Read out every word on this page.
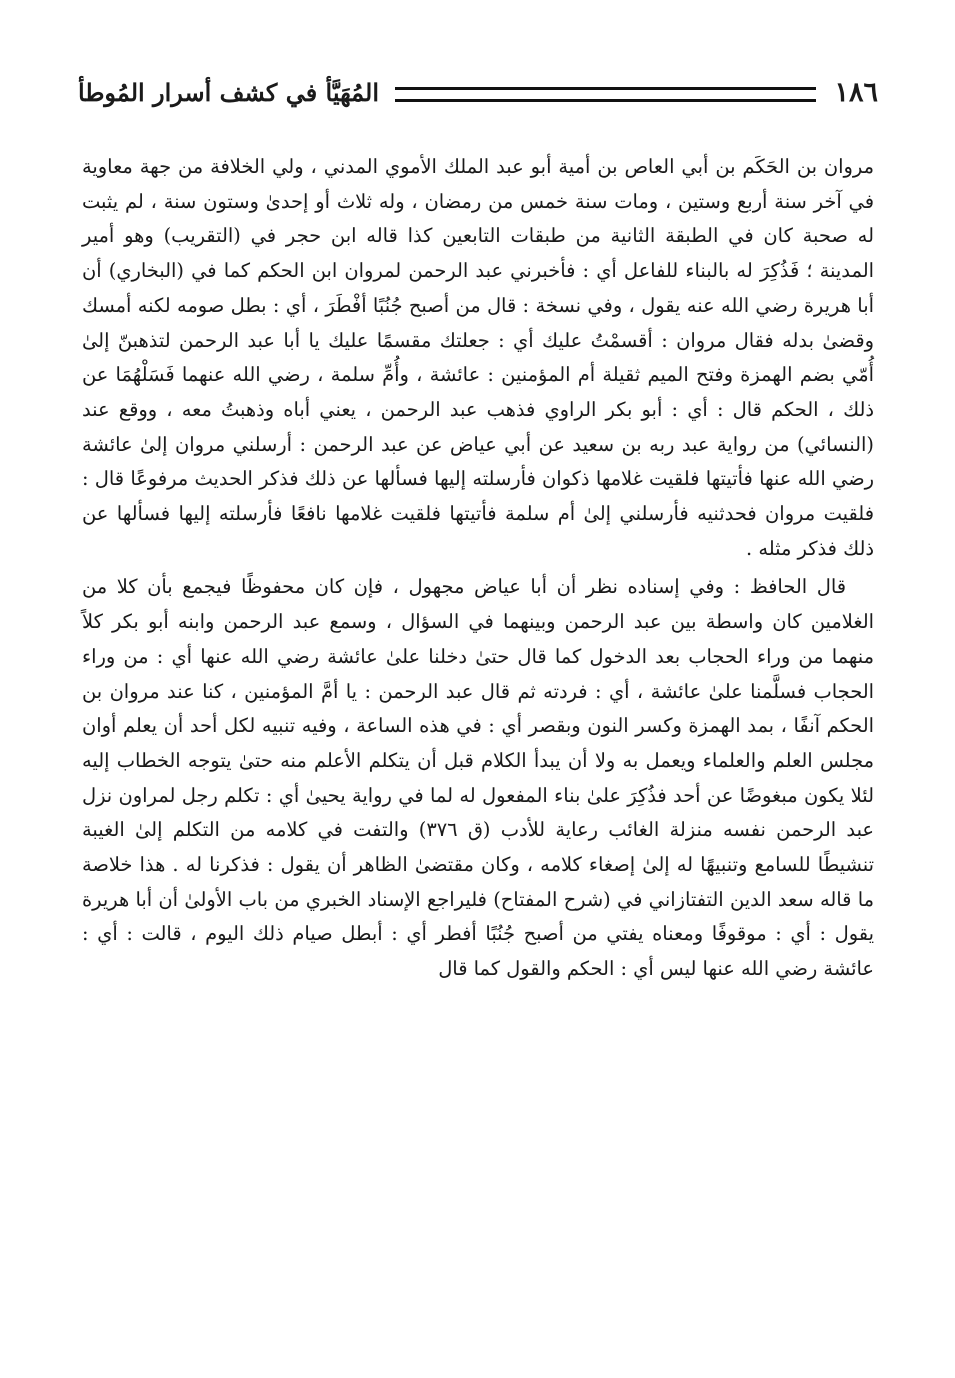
١٨٦
المُهَيَّأ في كشف أسرار المُوطأ

مروان بن الحَكَم بن أبي العاص بن أمية أبو عبد الملك الأموي المدني ، ولي الخلافة من جهة معاوية في آخر سنة أربع وستين ، ومات سنة خمس من رمضان ، وله ثلاث أو إحدىٰ وستون سنة ، لم يثبت له صحبة كان في الطبقة الثانية من طبقات التابعين كذا قاله ابن حجر في (التقريب) وهو أمير المدينة ؛ فَذُكِرَ له بالبناء للفاعل أي : فأخبرني عبد الرحمن لمروان ابن الحكم كما في (البخاري) أن أبا هريرة رضي الله عنه يقول ، وفي نسخة : قال من أصبح جُنُبًا أفْطَرَ ، أي : بطل صومه لكنه أمسك وقضىٰ بدله فقال مروان : أقسمْتُ عليك أي : جعلتك مقسمًا عليك يا أبا عبد الرحمن لتذهبنّ إلىٰ أُمّي بضم الهمزة وفتح الميم ثقيلة أم المؤمنين : عائشة ، وأُمِّ سلمة ، رضي الله عنهما فَسَلْهُمَا عن ذلك ، الحكم قال : أي : أبو بكر الراوي فذهب عبد الرحمن ، يعني أباه وذهبتُ معه ، ووقع عند (النسائي) من رواية عبد ربه بن سعيد عن أبي عياض عن عبد الرحمن : أرسلني مروان إلىٰ عائشة رضي الله عنها فأتيتها فلقيت غلامها ذكوان فأرسلته إليها فسألها عن ذلك فذكر الحديث مرفوعًا قال : فلقيت مروان فحدثنيه فأرسلني إلىٰ أم سلمة فأتيتها فلقيت غلامها نافعًا فأرسلته إليها فسألها عن ذلك فذكر مثله .

قال الحافظ : وفي إسناده نظر أن أبا عياض مجهول ، فإن كان محفوظًا فيجمع بأن كلا من الغلامين كان واسطة بين عبد الرحمن وبينهما في السؤال ، وسمع عبد الرحمن وابنه أبو بكر كلاً منهما من وراء الحجاب بعد الدخول كما قال حتىٰ دخلنا علىٰ عائشة رضي الله عنها أي : من وراء الحجاب فسلَّمنا علىٰ عائشة ، أي : فردته ثم قال عبد الرحمن : يا أمَّ المؤمنين ، كنا عند مروان بن الحكم آنفًا ، بمد الهمزة وكسر النون وبقصر أي : في هذه الساعة ، وفيه تنبيه لكل أحد أن يعلم أوان مجلس العلم والعلماء ويعمل به ولا أن يبدأ الكلام قبل أن يتكلم الأعلم منه حتىٰ يتوجه الخطاب إليه لئلا يكون مبغوضًا عن أحد فذُكِرَ علىٰ بناء المفعول له لما في رواية يحيىٰ أي : تكلم رجل لمراون نزل عبد الرحمن نفسه منزلة الغائب رعاية للأدب (ق ٣٧٦) والتفت في كلامه من التكلم إلىٰ الغيبة تنشيطًا للسامع وتنبيهًا له إلىٰ إصغاء كلامه ، وكان مقتضىٰ الظاهر أن يقول : فذكرنا له . هذا خلاصة ما قاله سعد الدين التفتازاني في (شرح المفتاح) فليراجع الإسناد الخبري من باب الأولىٰ أن أبا هريرة يقول : أي : موقوفًا ومعناه يفتي من أصبح جُنُبًا أفطر أي : أبطل صيام ذلك اليوم ، قالت : أي : عائشة رضي الله عنها ليس أي : الحكم والقول كما قال
